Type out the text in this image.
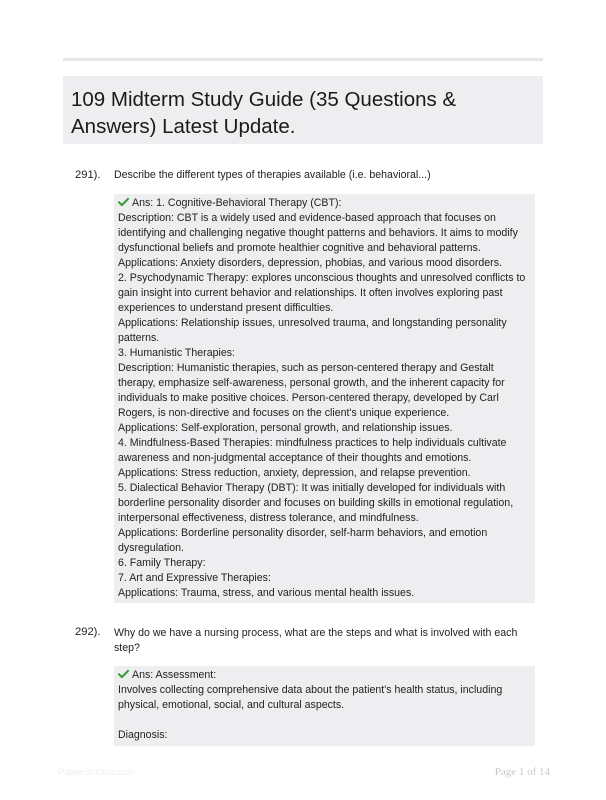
109 Midterm Study Guide (35 Questions & Answers) Latest Update.
291). Describe the different types of therapies available (i.e. behavioral...)
Ans: 1. Cognitive-Behavioral Therapy (CBT):
Description: CBT is a widely used and evidence-based approach that focuses on
identifying and challenging negative thought patterns and behaviors. It aims to modify
dysfunctional beliefs and promote healthier cognitive and behavioral patterns.
Applications: Anxiety disorders, depression, phobias, and various mood disorders.
2. Psychodynamic Therapy: explores unconscious thoughts and unresolved conflicts to
gain insight into current behavior and relationships. It often involves exploring past
experiences to understand present difficulties.
Applications: Relationship issues, unresolved trauma, and longstanding personality
patterns.
3. Humanistic Therapies:
Description: Humanistic therapies, such as person-centered therapy and Gestalt
therapy, emphasize self-awareness, personal growth, and the inherent capacity for
individuals to make positive choices. Person-centered therapy, developed by Carl
Rogers, is non-directive and focuses on the client's unique experience.
Applications: Self-exploration, personal growth, and relationship issues.
4. Mindfulness-Based Therapies: mindfulness practices to help individuals cultivate
awareness and non-judgmental acceptance of their thoughts and emotions.
Applications: Stress reduction, anxiety, depression, and relapse prevention.
5. Dialectical Behavior Therapy (DBT): It was initially developed for individuals with
borderline personality disorder and focuses on building skills in emotional regulation,
interpersonal effectiveness, distress tolerance, and mindfulness.
Applications: Borderline personality disorder, self-harm behaviors, and emotion
dysregulation.
6. Family Therapy:
7. Art and Expressive Therapies:
Applications: Trauma, stress, and various mental health issues.
292). Why do we have a nursing process, what are the steps and what is involved with each
step?
Ans: Assessment:
Involves collecting comprehensive data about the patient's health status, including
physical, emotional, social, and cultural aspects.
Diagnosis:
PaperStuDoc.com	Page 1 of 14
